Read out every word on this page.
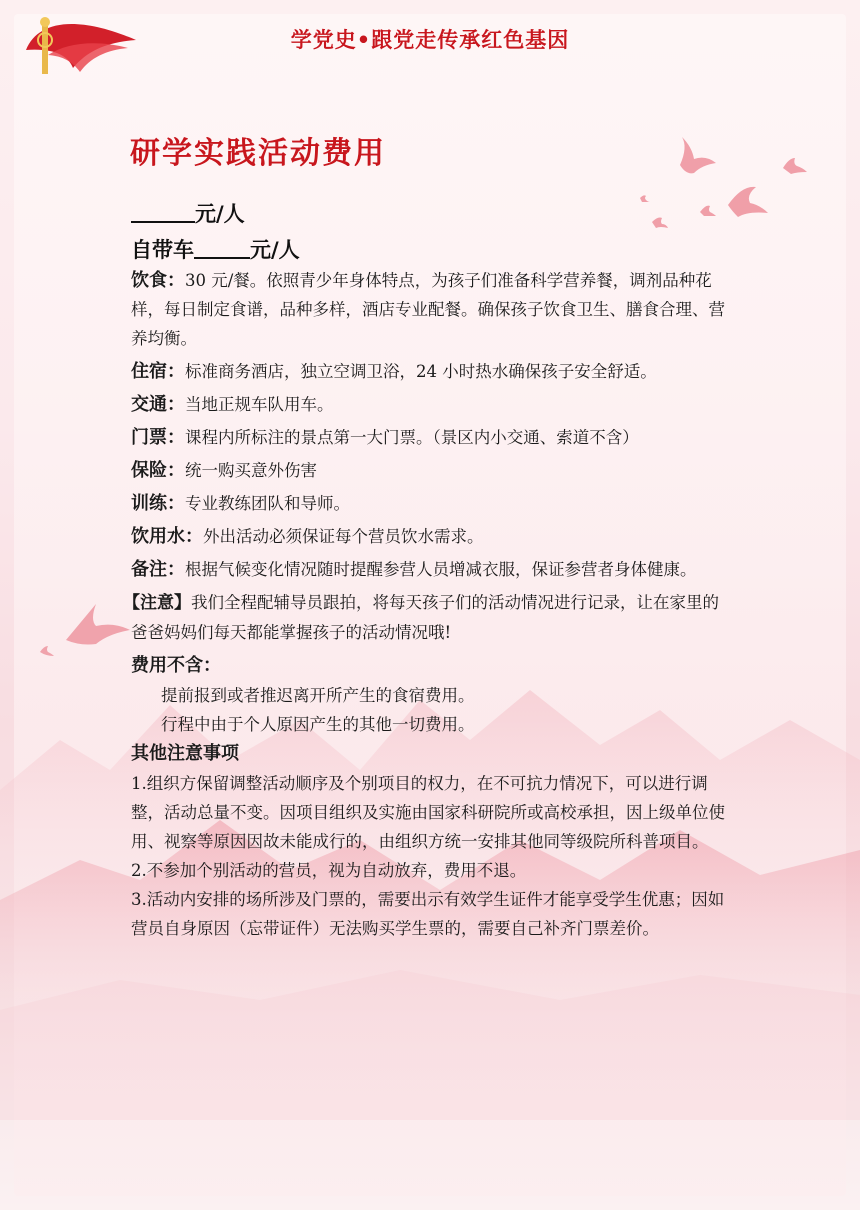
学党史•跟党走传承红色基因
研学实践活动费用
元/人
自带车	元/人

饮食：30 元/餐。依照青少年身体特点，为孩子们准备科学营养餐，调剂品种花样，每日制定食谱，品种多样，酒店专业配餐。确保孩子饮食卫生、膳食合理、营养均衡。

住宿：标准商务酒店，独立空调卫浴，24 小时热水确保孩子安全舒适。

交通：当地正规车队用车。

门票：课程内所标注的景点第一大门票。（景区内小交通、索道不含）

保险：统一购买意外伤害

训练：专业教练团队和导师。

饮用水：外出活动必须保证每个营员饮水需求。

备注：根据气候变化情况随时提醒参营人员增减衣服，保证参营者身体健康。

【注意】我们全程配辅导员跟拍，将每天孩子们的活动情况进行记录，让在家里的爸爸妈妈们每天都能掌握孩子的活动情况哦!

费用不含：

提前报到或者推迟离开所产生的食宿费用。

行程中由于个人原因产生的其他一切费用。

其他注意事项

1.组织方保留调整活动顺序及个别项目的权力，在不可抗力情况下，可以进行调整，活动总量不变。因项目组织及实施由国家科研院所或高校承担，因上级单位使用、视察等原因因故未能成行的，由组织方统一安排其他同等级院所科普项目。

2.不参加个别活动的营员，视为自动放弃，费用不退。

3.活动内安排的场所涉及门票的，需要出示有效学生证件才能享受学生优惠；因如营员自身原因（忘带证件）无法购买学生票的，需要自己补齐门票差价。
